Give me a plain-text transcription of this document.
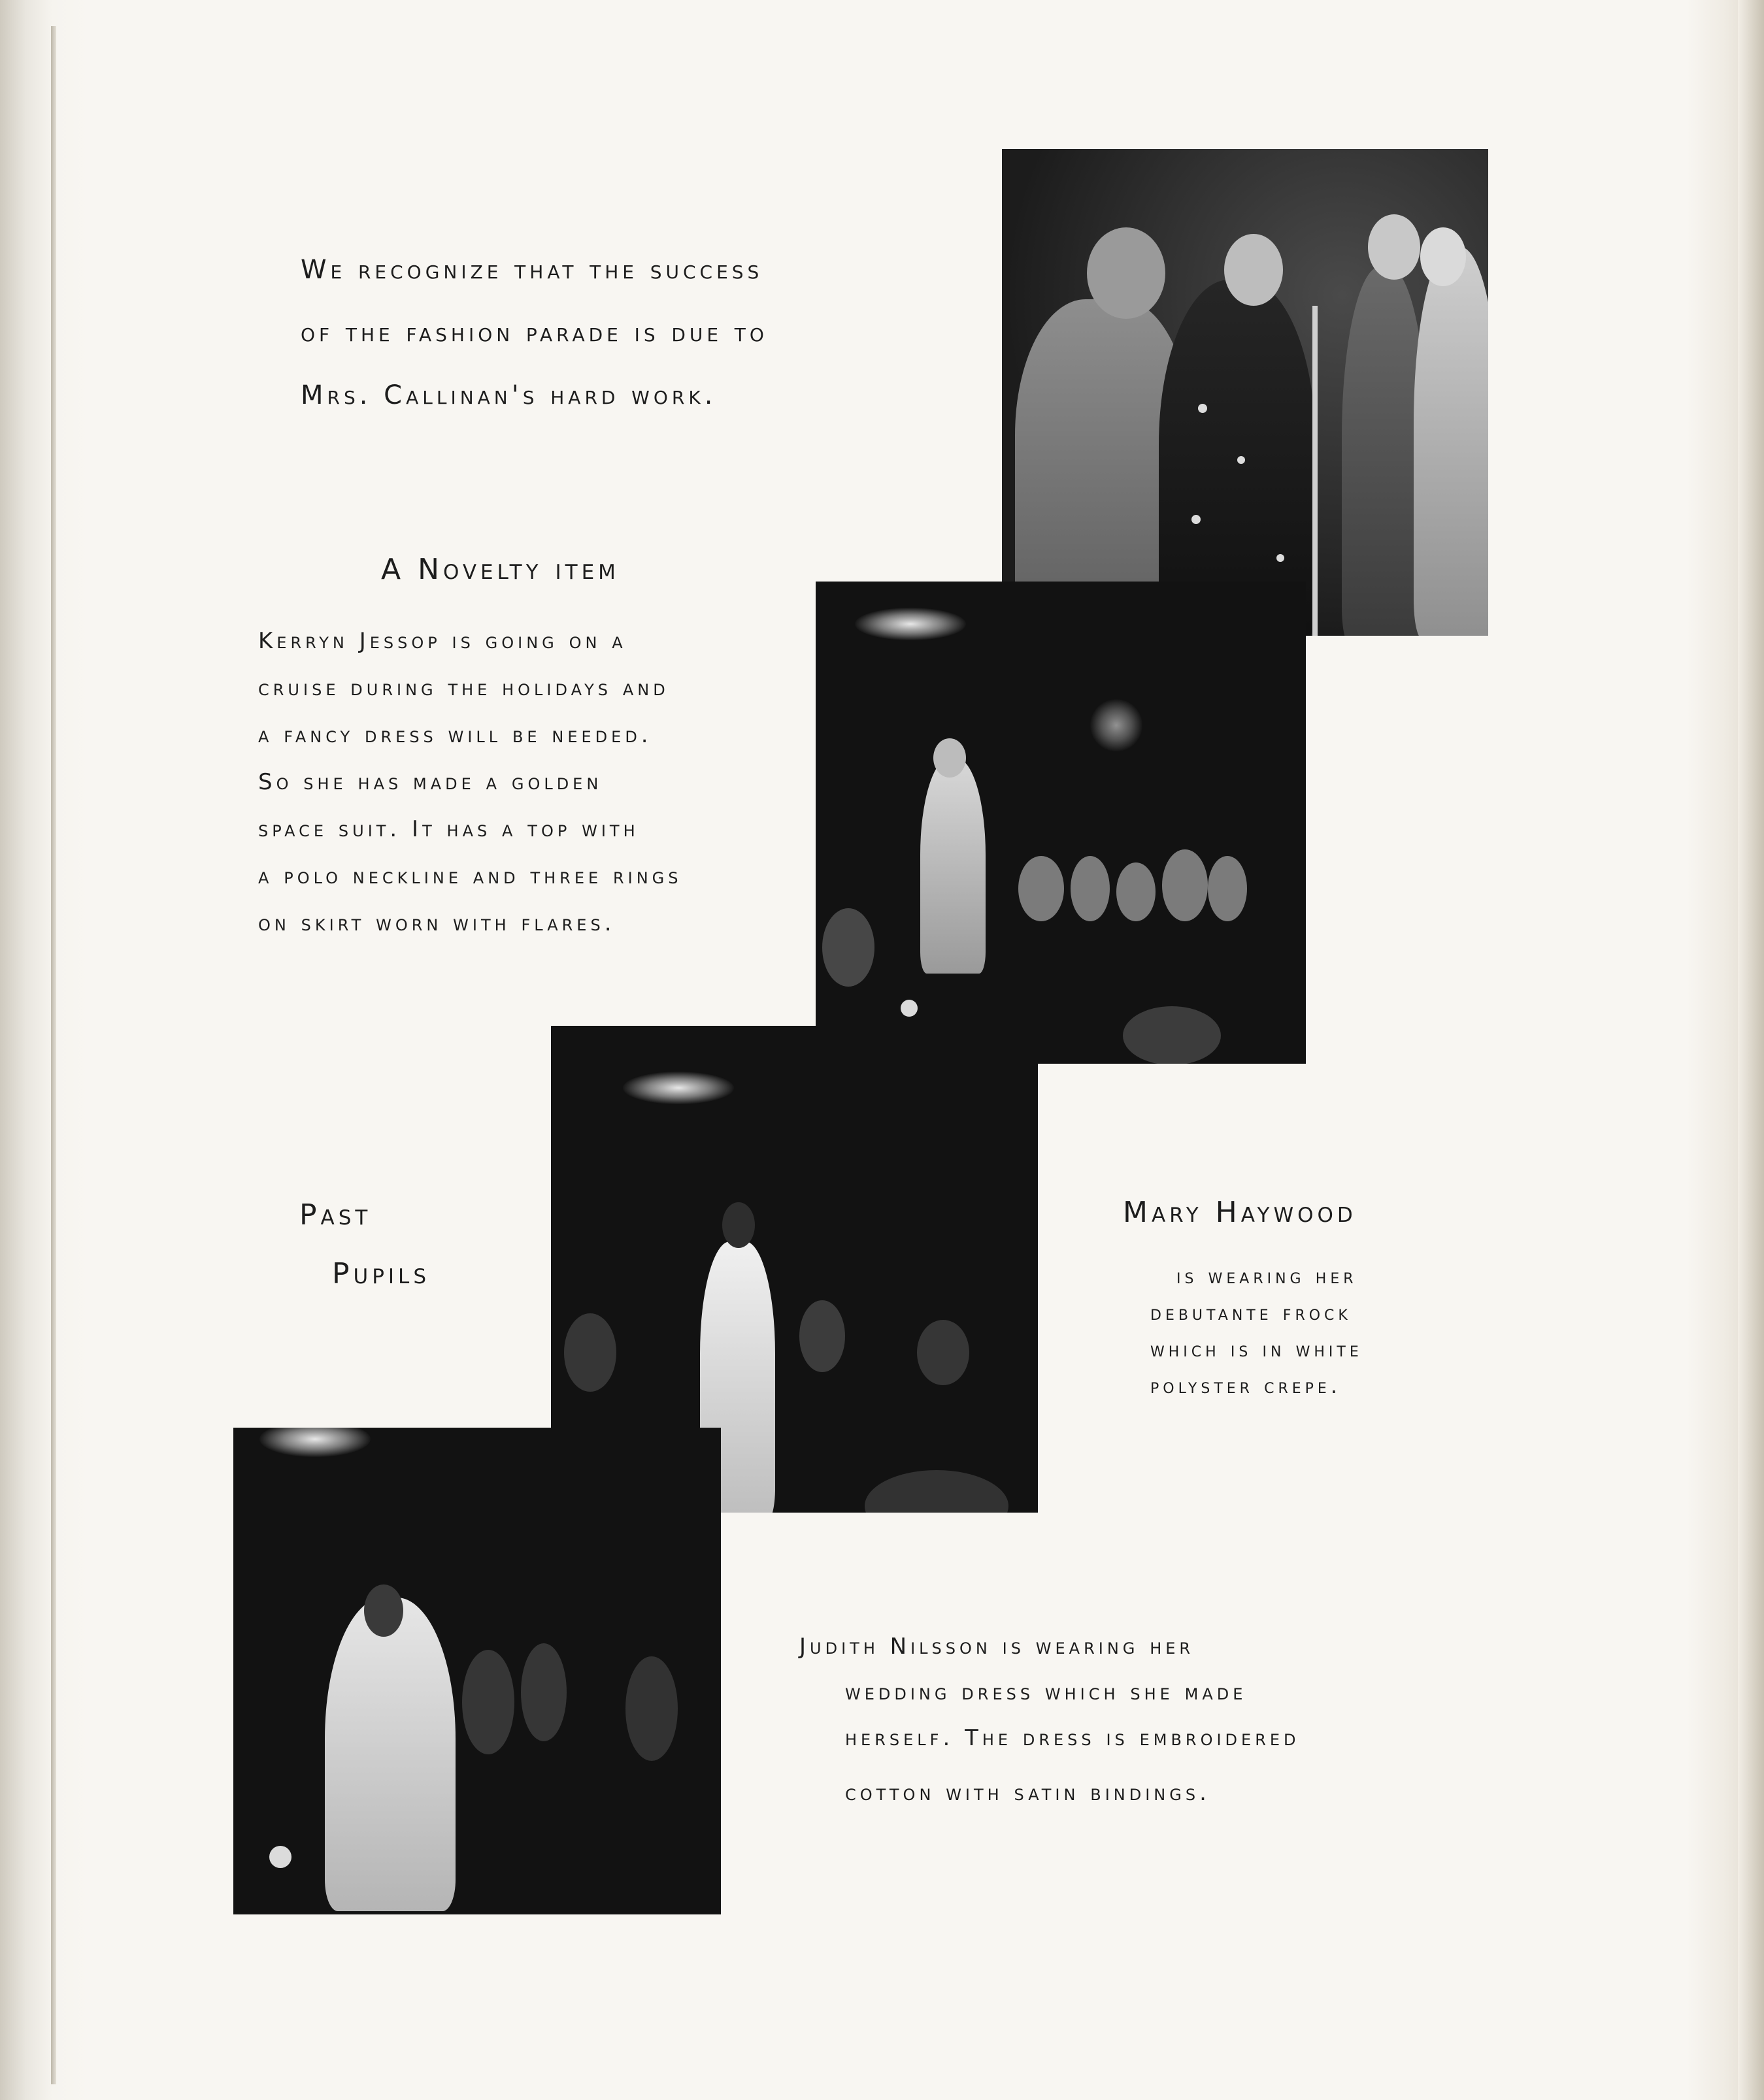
We recognize that the success
of the fashion parade is due to
Mrs. Callinan's hard work.
A Novelty item
Kerryn Jessop is going on a
cruise during the holidays and
a fancy dress will be needed.
So she has made a golden
space suit. It has a top with
a polo neckline and three rings
on skirt worn with flares.
Past
Pupils
Mary Haywood
is wearing her
debutante frock
which is in white
polyster crepe.
Judith Nilsson is wearing her
wedding dress which she made
herself. The dress is embroidered
cotton with satin bindings.
